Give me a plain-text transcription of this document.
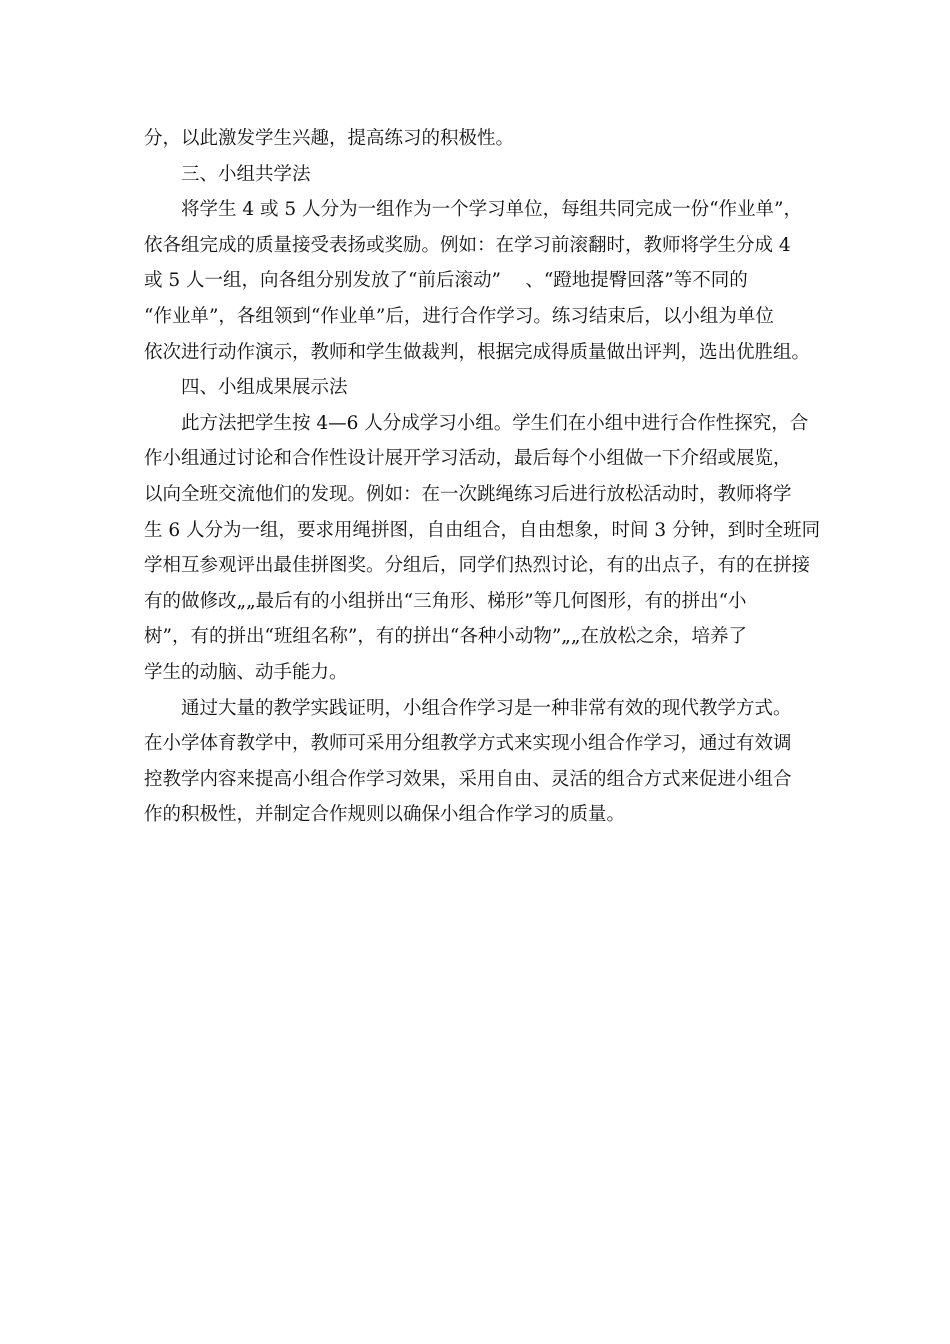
分，以此激发学生兴趣，提高练习的积极性。
三、小组共学法
将学生 4 或 5 人分为一组作为一个学习单位，每组共同完成一份“作业单”，
依各组完成的质量接受表扬或奖励。例如：在学习前滚翻时，教师将学生分成 4
或 5 人一组，向各组分别发放了“前后滚动”　 、“蹬地提臀回落”等不同的
“作业单”，各组领到“作业单”后，进行合作学习。练习结束后，以小组为单位
依次进行动作演示，教师和学生做裁判，根据完成得质量做出评判，选出优胜组。
四、小组成果展示法
此方法把学生按 4—6 人分成学习小组。学生们在小组中进行合作性探究，合
作小组通过讨论和合作性设计展开学习活动，最后每个小组做一下介绍或展览，
以向全班交流他们的发现。例如：在一次跳绳练习后进行放松活动时，教师将学
生 6 人分为一组，要求用绳拼图，自由组合，自由想象，时间 3 分钟，到时全班同
学相互参观评出最佳拼图奖。分组后，同学们热烈讨论，有的出点子，有的在拼接
有的做修改„„最后有的小组拼出“三角形、梯形”等几何图形，有的拼出“小
树”，有的拼出“班组名称”，有的拼出“各种小动物”„„在放松之余，培养了
学生的动脑、动手能力。
通过大量的教学实践证明，小组合作学习是一种非常有效的现代教学方式。
在小学体育教学中，教师可采用分组教学方式来实现小组合作学习，通过有效调
控教学内容来提高小组合作学习效果，采用自由、灵活的组合方式来促进小组合
作的积极性，并制定合作规则以确保小组合作学习的质量。
